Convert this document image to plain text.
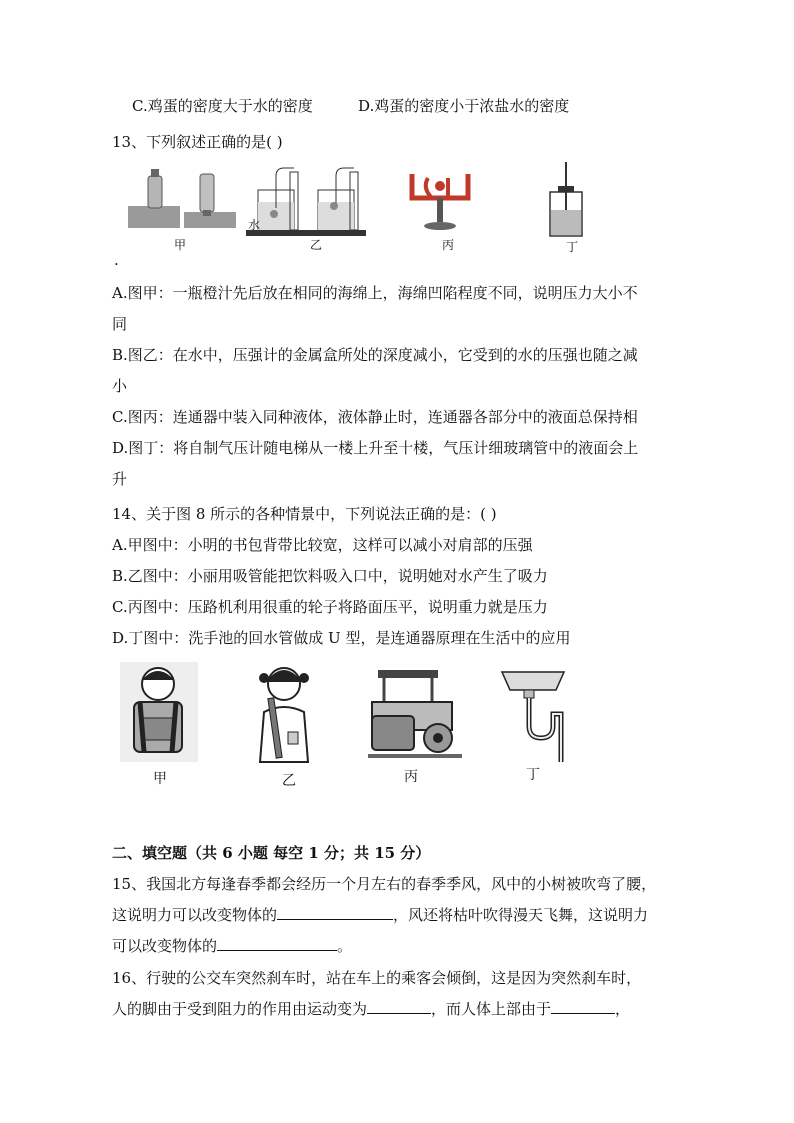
C.鸡蛋的密度大于水的密度	D.鸡蛋的密度小于浓盐水的密度
13、下列叙述正确的是( )
甲
水
乙	丙	丁
.
A.图甲：一瓶橙汁先后放在相同的海绵上，海绵凹陷程度不同，说明压力大小不
同
B.图乙：在水中，压强计的金属盒所处的深度减小，它受到的水的压强也随之减
小
C.图丙：连通器中装入同种液体，液体静止时，连通器各部分中的液面总保持相
D.图丁：将自制气压计随电梯从一楼上升至十楼，气压计细玻璃管中的液面会上
升
14、关于图 8 所示的各种情景中，下列说法正确的是：( )
A.甲图中：小明的书包背带比较宽，这样可以减小对肩部的压强
B.乙图中：小丽用吸管能把饮料吸入口中，说明她对水产生了吸力
C.丙图中：压路机利用很重的轮子将路面压平，说明重力就是压力
D.丁图中：洗手池的回水管做成 U 型，是连通器原理在生活中的应用
甲	乙	丙	丁
二、填空题（共 6 小题 每空 1 分；共 15 分）
15、我国北方每逢春季都会经历一个月左右的春季季风，风中的小树被吹弯了腰，
这说明力可以改变物体的	，风还将枯叶吹得漫天飞舞，这说明力
可以改变物体的	。
16、行驶的公交车突然刹车时，站在车上的乘客会倾倒，这是因为突然刹车时，
人的脚由于受到阻力的作用由运动变为	，而人体上部由于	，
